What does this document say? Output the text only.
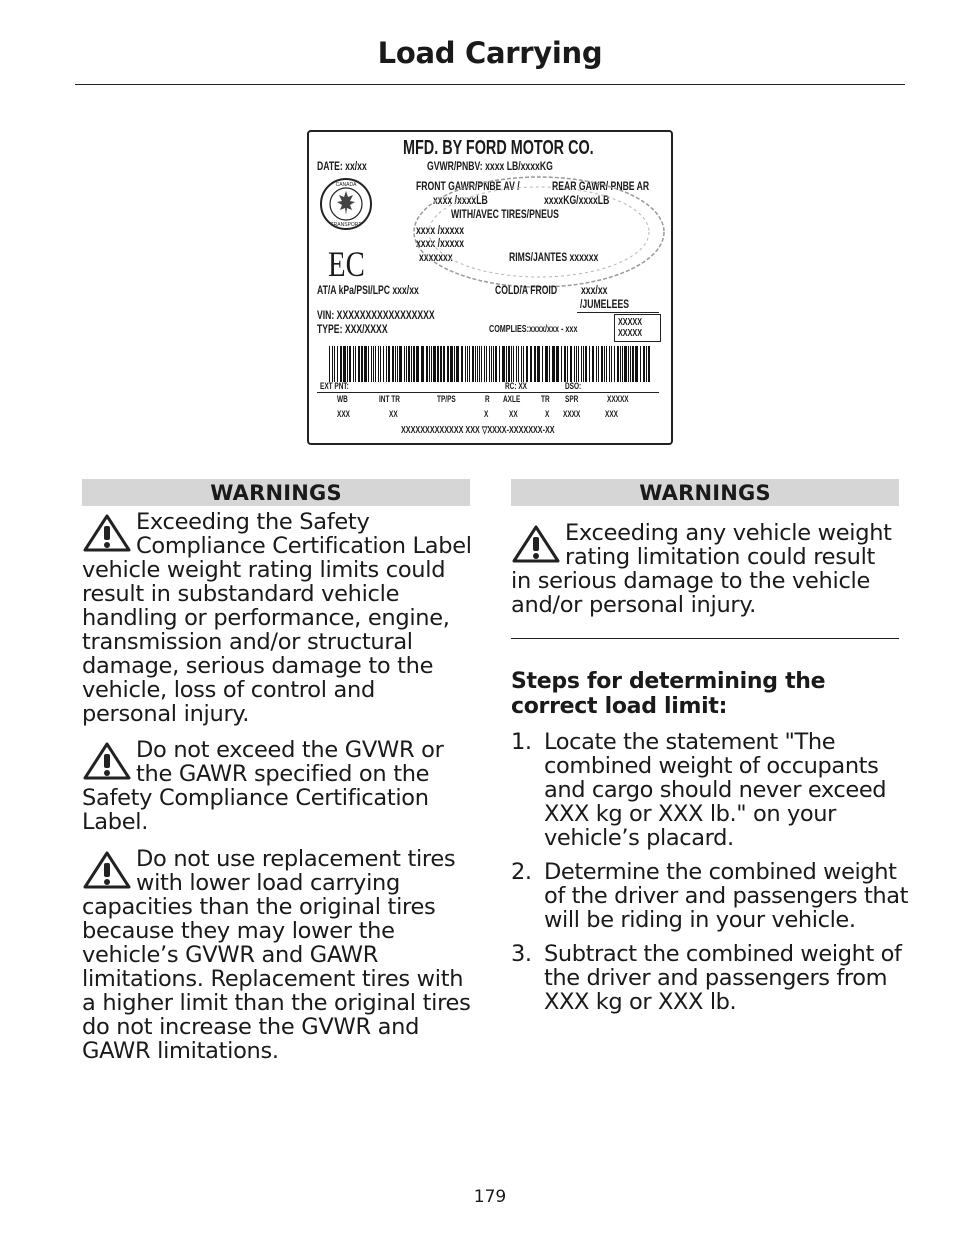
Load Carrying
MFD. BY FORD MOTOR CO.
DATE: xx/xx	GVWR/PNBV: xxxx LB/xxxxKG
FRONT GAWR/PNBE AV /	REAR GAWR/ PNBE AR
xxxx /xxxxLB	xxxxKG/xxxxLB
WITH/AVEC TIRES/PNEUS
xxxx /xxxxx
xxxx /xxxxx
xxxxxxx	RIMS/JANTES xxxxxx
CANADA
TRANSPORT
EC
AT/A kPa/PSI/LPC xxx/xx	COLD/A FROID xxx/xx
/JUMELEES
VIN: XXXXXXXXXXXXXXXXX
TYPE: XXX/XXXX	COMPLIES:xxxx/xxx - xxx
XXXXX
XXXXX
EXT PNT:	RC: XX	DSO:
WB	INT TR	TP/PS	R AXLE TR SPR	XXXXX
XXX	XX	X XX	X XXXX	XXX
XXXXXXXXXXXXX XXX ▽XXXX-XXXXXXX-XX
WARNINGS
Exceeding the Safety Compliance Certification Label vehicle weight rating limits could result in substandard vehicle handling or performance, engine, transmission and/or structural damage, serious damage to the vehicle, loss of control and personal injury.
Do not exceed the GVWR or the GAWR specified on the Safety Compliance Certification Label.
Do not use replacement tires with lower load carrying capacities than the original tires because they may lower the vehicle’s GVWR and GAWR limitations. Replacement tires with a higher limit than the original tires do not increase the GVWR and GAWR limitations.
WARNINGS
Exceeding any vehicle weight rating limitation could result in serious damage to the vehicle and/or personal injury.
Steps for determining the correct load limit:
1. Locate the statement "The combined weight of occupants and cargo should never exceed XXX kg or XXX lb." on your vehicle’s placard.
2. Determine the combined weight of the driver and passengers that will be riding in your vehicle.
3. Subtract the combined weight of the driver and passengers from XXX kg or XXX lb.
179
